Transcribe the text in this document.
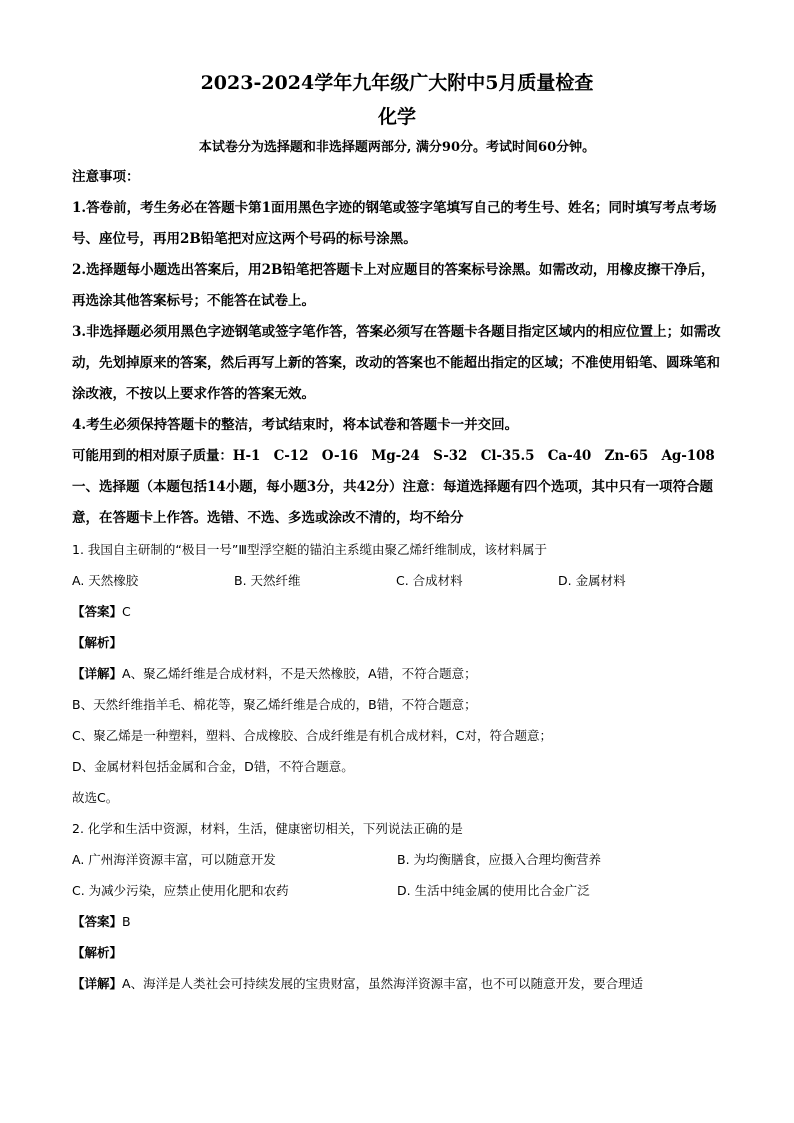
2023-2024学年九年级广大附中5月质量检查
化学
本试卷分为选择题和非选择题两部分, 满分90分。考试时间60分钟。
注意事项：
1.答卷前，考生务必在答题卡第1面用黑色字迹的钢笔或签字笔填写自己的考生号、姓名；同时填写考点考场号、座位号，再用2B铅笔把对应这两个号码的标号涂黑。
2.选择题每小题选出答案后，用2B铅笔把答题卡上对应题目的答案标号涂黑。如需改动，用橡皮擦干净后，再选涂其他答案标号；不能答在试卷上。
3.非选择题必须用黑色字迹钢笔或签字笔作答，答案必须写在答题卡各题目指定区域内的相应位置上；如需改动，先划掉原来的答案，然后再写上新的答案，改动的答案也不能超出指定的区域；不准使用铅笔、圆珠笔和涂改液，不按以上要求作答的答案无效。
4.考生必须保持答题卡的整洁，考试结束时，将本试卷和答题卡一并交回。
可能用到的相对原子质量：H-1　C-12　O-16　Mg-24　S-32　Cl-35.5　Ca-40　Zn-65　Ag-108
一、选择题（本题包括14小题，每小题3分，共42分）注意：每道选择题有四个选项，其中只有一项符合题意，在答题卡上作答。选错、不选、多选或涂改不清的，均不给分
1. 我国自主研制的“极目一号”Ⅲ型浮空艇的锚泊主系缆由聚乙烯纤维制成，该材料属于
A. 天然橡胶	B. 天然纤维	C. 合成材料	D. 金属材料
【答案】C
【解析】
【详解】A、聚乙烯纤维是合成材料，不是天然橡胶，A错，不符合题意；
B、天然纤维指羊毛、棉花等，聚乙烯纤维是合成的，B错，不符合题意；
C、聚乙烯是一种塑料，塑料、合成橡胶、合成纤维是有机合成材料，C对，符合题意；
D、金属材料包括金属和合金，D错，不符合题意。
故选C。
2. 化学和生活中资源，材料，生活，健康密切相关，下列说法正确的是
A. 广州海洋资源丰富，可以随意开发	B. 为均衡膳食，应摄入合理均衡营养
C. 为减少污染，应禁止使用化肥和农药	D. 生活中纯金属的使用比合金广泛
【答案】B
【解析】
【详解】A、海洋是人类社会可持续发展的宝贵财富，虽然海洋资源丰富，也不可以随意开发，要合理适
